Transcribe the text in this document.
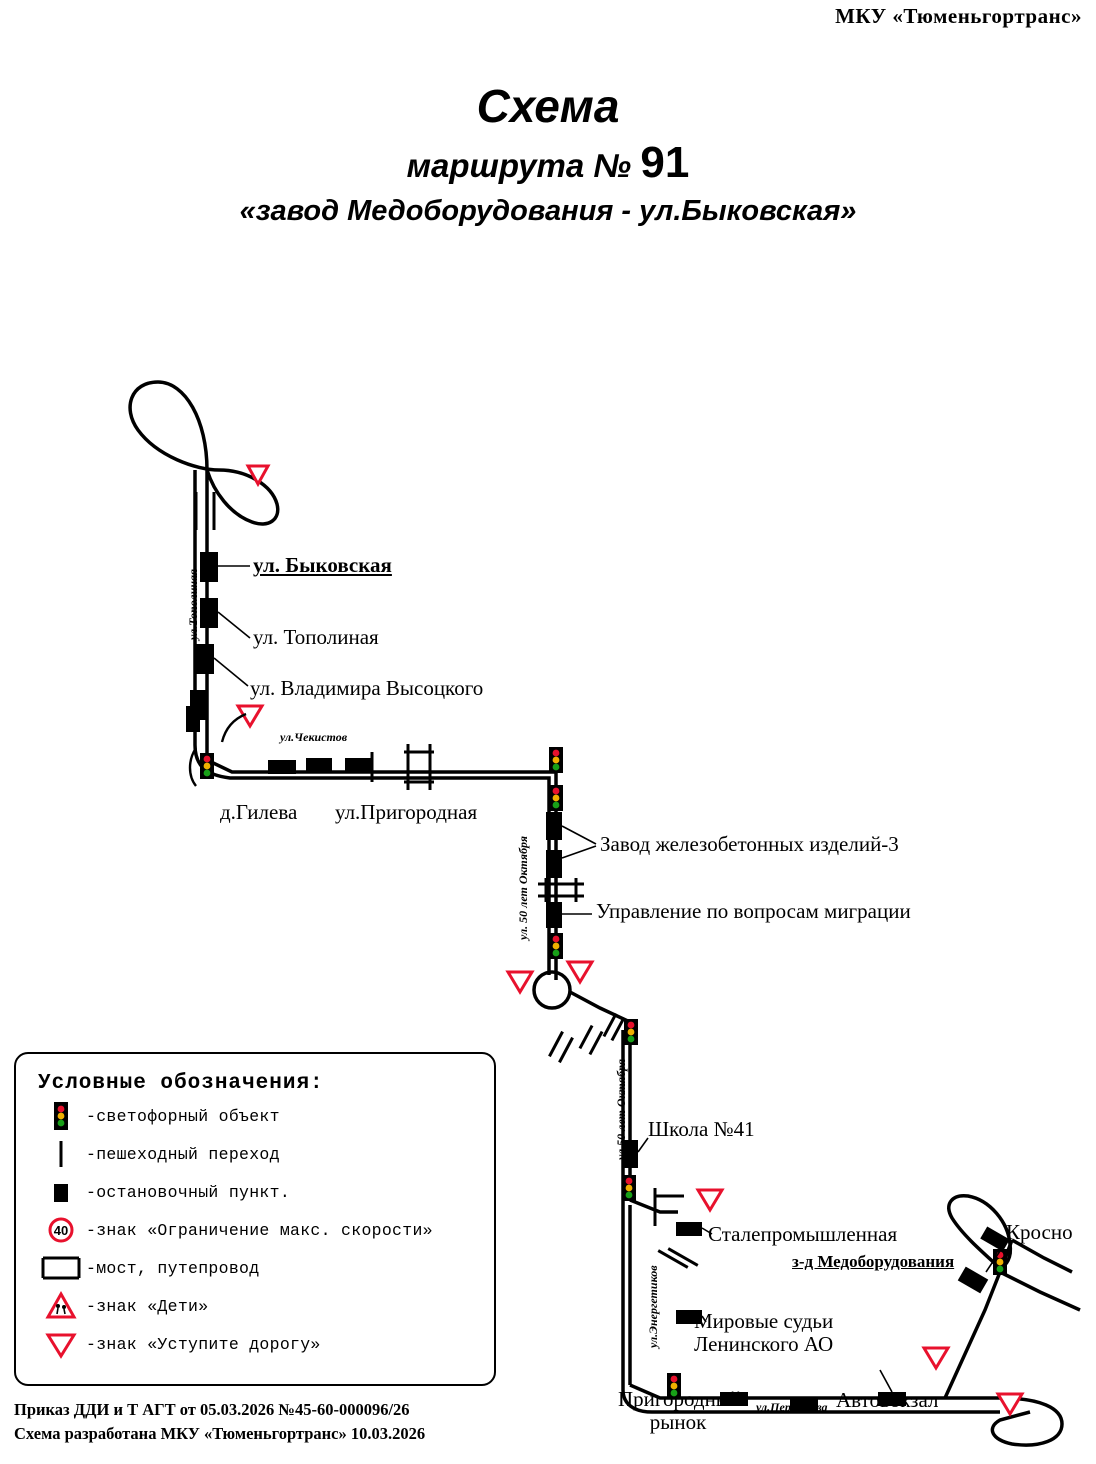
МКУ «Тюменьгортранс»
Схема
маршрута № 91
«завод Медоборудования - ул.Быковская»
ул. Быковская
ул. Тополиная
ул. Владимира Высоцкого
д.Гилева ул.Пригородная
Завод железобетонных изделий-3
Управление по вопросам миграции
Школа №41
Сталепромышленная	Кросно
з-д Медоборудования
Мировые судьи
Ленинского АО
Автовокзал
Пригородный
рынок
ул.Тополиная
ул.Чекистов
ул. 50 лет Октября
ул.50 лет Октября
ул.Энергетиков
ул.Пермякова
Условные обозначения:
-светофорный объект
-пешеходный переход
-остановочный пункт.
40 -знак «Ограничение макс. скорости»
-мост, путепровод
-знак «Дети»
-знак «Уступите дорогу»
Приказ ДДИ и Т АГТ от 05.03.2026 №45-60-000096/26
Схема разработана МКУ «Тюменьгортранс» 10.03.2026
